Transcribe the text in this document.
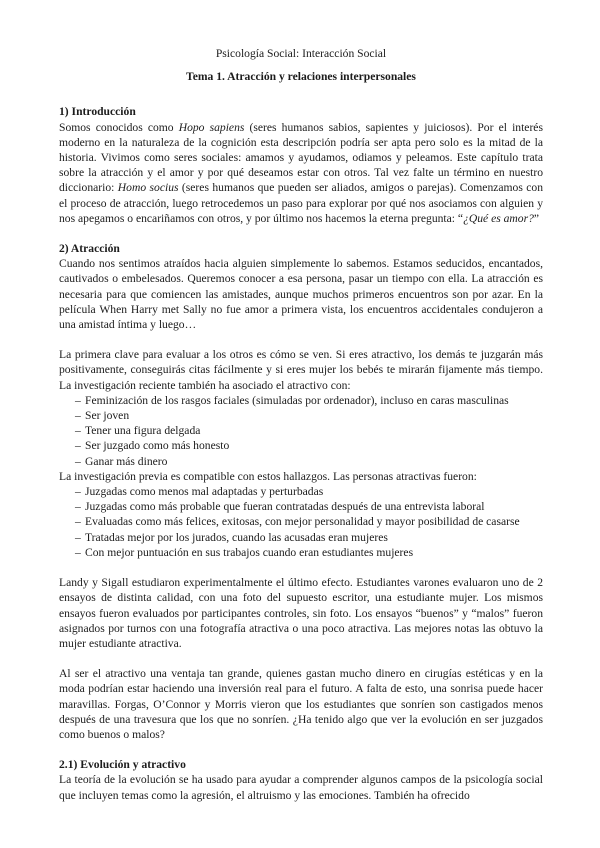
Psicología Social: Interacción Social
Tema 1. Atracción y relaciones interpersonales
1) Introducción

Somos conocidos como Hopo sapiens (seres humanos sabios, sapientes y juiciosos). Por el interés moderno en la naturaleza de la cognición esta descripción podría ser apta pero solo es la mitad de la historia. Vivimos como seres sociales: amamos y ayudamos, odiamos y peleamos. Este capítulo trata sobre la atracción y el amor y por qué deseamos estar con otros. Tal vez falte un término en nuestro diccionario: Homo socius (seres humanos que pueden ser aliados, amigos o parejas). Comenzamos con el proceso de atracción, luego retrocedemos un paso para explorar por qué nos asociamos con alguien y nos apegamos o encariñamos con otros, y por último nos hacemos la eterna pregunta: “¿Qué es amor?”

2) Atracción

Cuando nos sentimos atraídos hacia alguien simplemente lo sabemos. Estamos seducidos, encantados, cautivados o embelesados. Queremos conocer a esa persona, pasar un tiempo con ella. La atracción es necesaria para que comiencen las amistades, aunque muchos primeros encuentros son por azar. En la película When Harry met Sally no fue amor a primera vista, los encuentros accidentales condujeron a una amistad íntima y luego…

La primera clave para evaluar a los otros es cómo se ven. Si eres atractivo, los demás te juzgarán más positivamente, conseguirás citas fácilmente y si eres mujer los bebés te mirarán fijamente más tiempo. La investigación reciente también ha asociado el atractivo con:

– Feminización de los rasgos faciales (simuladas por ordenador), incluso en caras masculinas
– Ser joven
– Tener una figura delgada
– Ser juzgado como más honesto
– Ganar más dinero

La investigación previa es compatible con estos hallazgos. Las personas atractivas fueron:

– Juzgadas como menos mal adaptadas y perturbadas
– Juzgadas como más probable que fueran contratadas después de una entrevista laboral
– Evaluadas como más felices, exitosas, con mejor personalidad y mayor posibilidad de casarse
– Tratadas mejor por los jurados, cuando las acusadas eran mujeres
– Con mejor puntuación en sus trabajos cuando eran estudiantes mujeres

Landy y Sigall estudiaron experimentalmente el último efecto. Estudiantes varones evaluaron uno de 2 ensayos de distinta calidad, con una foto del supuesto escritor, una estudiante mujer. Los mismos ensayos fueron evaluados por participantes controles, sin foto. Los ensayos “buenos” y “malos” fueron asignados por turnos con una fotografía atractiva o una poco atractiva. Las mejores notas las obtuvo la mujer estudiante atractiva.

Al ser el atractivo una ventaja tan grande, quienes gastan mucho dinero en cirugías estéticas y en la moda podrían estar haciendo una inversión real para el futuro. A falta de esto, una sonrisa puede hacer maravillas. Forgas, O’Connor y Morris vieron que los estudiantes que sonríen son castigados menos después de una travesura que los que no sonríen. ¿Ha tenido algo que ver la evolución en ser juzgados como buenos o malos?

2.1) Evolución y atractivo

La teoría de la evolución se ha usado para ayudar a comprender algunos campos de la psicología social que incluyen temas como la agresión, el altruismo y las emociones. También ha ofrecido
